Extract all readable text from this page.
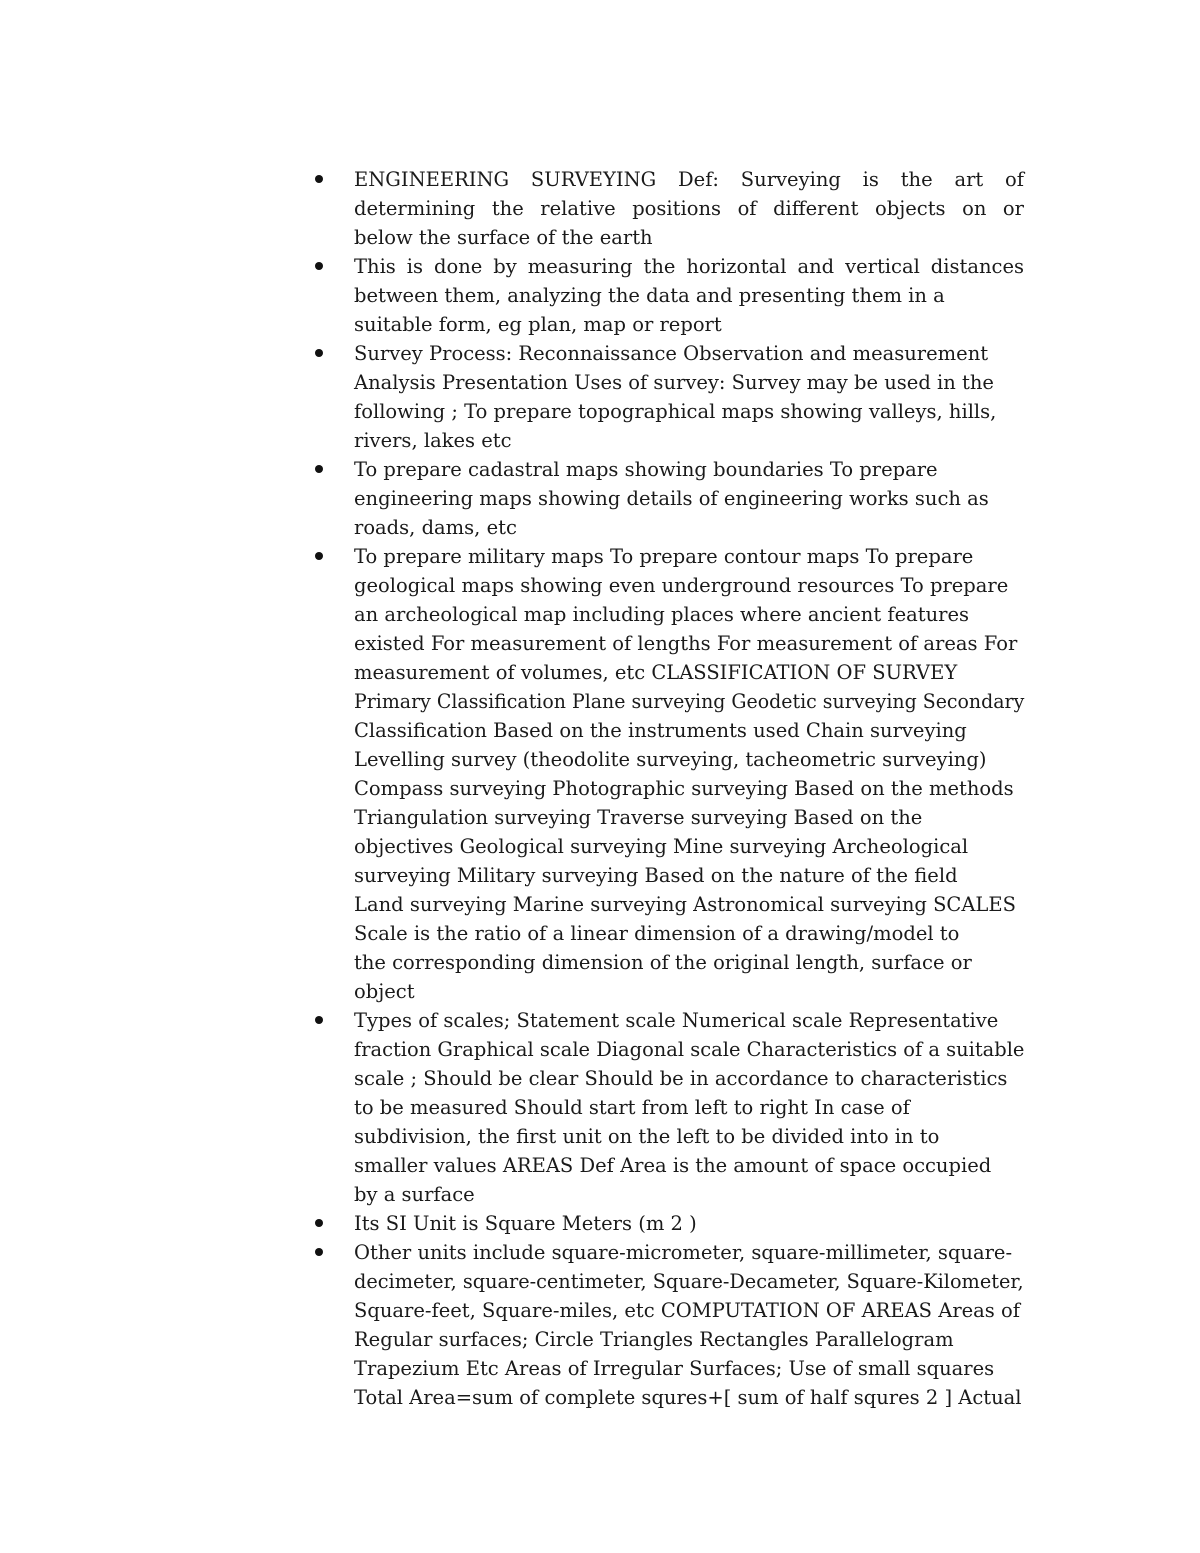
ENGINEERING SURVEYING Def: Surveying is the art of
determining the relative positions of different objects on or
below the surface of the earth
This is done by measuring the horizontal and vertical distances
between them, analyzing the data and presenting them in a
suitable form, eg plan, map or report
Survey Process: Reconnaissance Observation and measurement
Analysis Presentation Uses of survey: Survey may be used in the
following ; To prepare topographical maps showing valleys, hills,
rivers, lakes etc
To prepare cadastral maps showing boundaries To prepare
engineering maps showing details of engineering works such as
roads, dams, etc
To prepare military maps To prepare contour maps To prepare
geological maps showing even underground resources To prepare
an archeological map including places where ancient features
existed For measurement of lengths For measurement of areas For
measurement of volumes, etc CLASSIFICATION OF SURVEY
Primary Classification Plane surveying Geodetic surveying Secondary
Classification Based on the instruments used Chain surveying
Levelling survey (theodolite surveying, tacheometric surveying)
Compass surveying Photographic surveying Based on the methods
Triangulation surveying Traverse surveying Based on the
objectives Geological surveying Mine surveying Archeological
surveying Military surveying Based on the nature of the field
Land surveying Marine surveying Astronomical surveying SCALES
Scale is the ratio of a linear dimension of a drawing/model to
the corresponding dimension of the original length, surface or
object
Types of scales; Statement scale Numerical scale Representative
fraction Graphical scale Diagonal scale Characteristics of a suitable
scale ; Should be clear Should be in accordance to characteristics
to be measured Should start from left to right In case of
subdivision, the first unit on the left to be divided into in to
smaller values AREAS Def Area is the amount of space occupied
by a surface
Its SI Unit is Square Meters (m 2 )
Other units include square-micrometer, square-millimeter, square-
decimeter, square-centimeter, Square-Decameter, Square-Kilometer,
Square-feet, Square-miles, etc COMPUTATION OF AREAS Areas of
Regular surfaces; Circle Triangles Rectangles Parallelogram
Trapezium Etc Areas of Irregular Surfaces; Use of small squares
Total Area=sum of complete squres+[ sum of half squres 2 ] Actual
